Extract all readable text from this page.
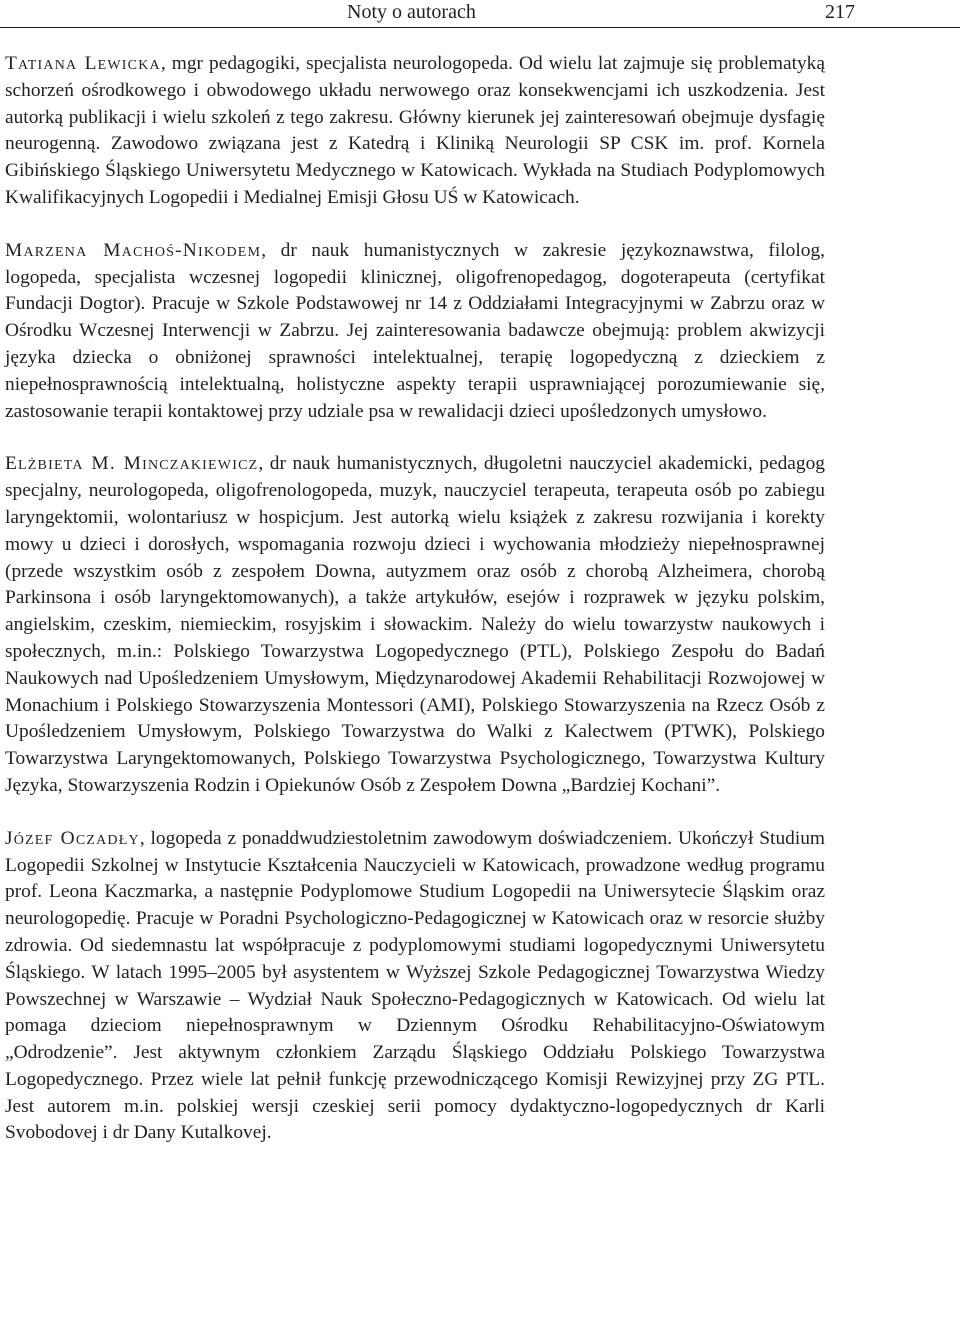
Noty o autorach	217

Tatiana Lewicka, mgr pedagogiki, specjalista neurologopeda. Od wielu lat zajmuje się problematyką schorzeń ośrodkowego i obwodowego układu nerwowego oraz konsekwencjami ich uszkodzenia. Jest autorką publikacji i wielu szkoleń z tego zakresu. Główny kierunek jej zainteresowań obejmuje dysfagię neurogenną. Zawodowo związana jest z Katedrą i Kliniką Neurologii SP CSK im. prof. Kornela Gibińskiego Śląskiego Uniwersytetu Medycznego w Katowicach. Wykłada na Studiach Podyplomowych Kwalifikacyjnych Logopedii i Medialnej Emisji Głosu UŚ w Katowicach.

Marzena Machoś-Nikodem, dr nauk humanistycznych w zakresie językoznawstwa, filolog, logopeda, specjalista wczesnej logopedii klinicznej, oligofrenopedagog, dogoterapeuta (certyfikat Fundacji Dogtor). Pracuje w Szkole Podstawowej nr 14 z Oddziałami Integracyjnymi w Zabrzu oraz w Ośrodku Wczesnej Interwencji w Zabrzu. Jej zainteresowania badawcze obejmują: problem akwizycji języka dziecka o obniżonej sprawności intelektualnej, terapię logopedyczną z dzieckiem z niepełnosprawnością intelektualną, holistyczne aspekty terapii usprawniającej porozumiewanie się, zastosowanie terapii kontaktowej przy udziale psa w rewalidacji dzieci upośledzonych umysłowo.

Elżbieta M. Minczakiewicz, dr nauk humanistycznych, długoletni nauczyciel akademicki, pedagog specjalny, neurologopeda, oligofrenologopeda, muzyk, nauczyciel terapeuta, terapeuta osób po zabiegu laryngektomii, wolontariusz w hospicjum. Jest autorką wielu książek z zakresu rozwijania i korekty mowy u dzieci i dorosłych, wspomagania rozwoju dzieci i wychowania młodzieży niepełnosprawnej (przede wszystkim osób z zespołem Downa, autyzmem oraz osób z chorobą Alzheimera, chorobą Parkinsona i osób laryngektomowanych), a także artykułów, esejów i rozprawek w języku polskim, angielskim, czeskim, niemieckim, rosyjskim i słowackim. Należy do wielu towarzystw naukowych i społecznych, m.in.: Polskiego Towarzystwa Logopedycznego (PTL), Polskiego Zespołu do Badań Naukowych nad Upośledzeniem Umysłowym, Międzynarodowej Akademii Rehabilitacji Rozwojowej w Monachium i Polskiego Stowarzyszenia Montessori (AMI), Polskiego Stowarzyszenia na Rzecz Osób z Upośledzeniem Umysłowym, Polskiego Towarzystwa do Walki z Kalectwem (PTWK), Polskiego Towarzystwa Laryngektomowanych, Polskiego Towarzystwa Psychologicznego, Towarzystwa Kultury Języka, Stowarzyszenia Rodzin i Opiekunów Osób z Zespołem Downa „Bardziej Kochani”.

Józef Oczadły, logopeda z ponaddwudziestoletnim zawodowym doświadczeniem. Ukończył Studium Logopedii Szkolnej w Instytucie Kształcenia Nauczycieli w Katowicach, prowadzone według programu prof. Leona Kaczmarka, a następnie Podyplomowe Studium Logopedii na Uniwersytecie Śląskim oraz neurologopedię. Pracuje w Poradni Psychologiczno-Pedagogicznej w Katowicach oraz w resorcie służby zdrowia. Od siedemnastu lat współpracuje z podyplomowymi studiami logopedycznymi Uniwersytetu Śląskiego. W latach 1995–2005 był asystentem w Wyższej Szkole Pedagogicznej Towarzystwa Wiedzy Powszechnej w Warszawie – Wydział Nauk Społeczno-Pedagogicznych w Katowicach. Od wielu lat pomaga dzieciom niepełnosprawnym w Dziennym Ośrodku Rehabilitacyjno-Oświatowym „Odrodzenie”. Jest aktywnym członkiem Zarządu Śląskiego Oddziału Polskiego Towarzystwa Logopedycznego. Przez wiele lat pełnił funkcję przewodniczącego Komisji Rewizyjnej przy ZG PTL. Jest autorem m.in. polskiej wersji czeskiej serii pomocy dydaktyczno-logopedycznych dr Karli Svobodovej i dr Dany Kutalkovej.
